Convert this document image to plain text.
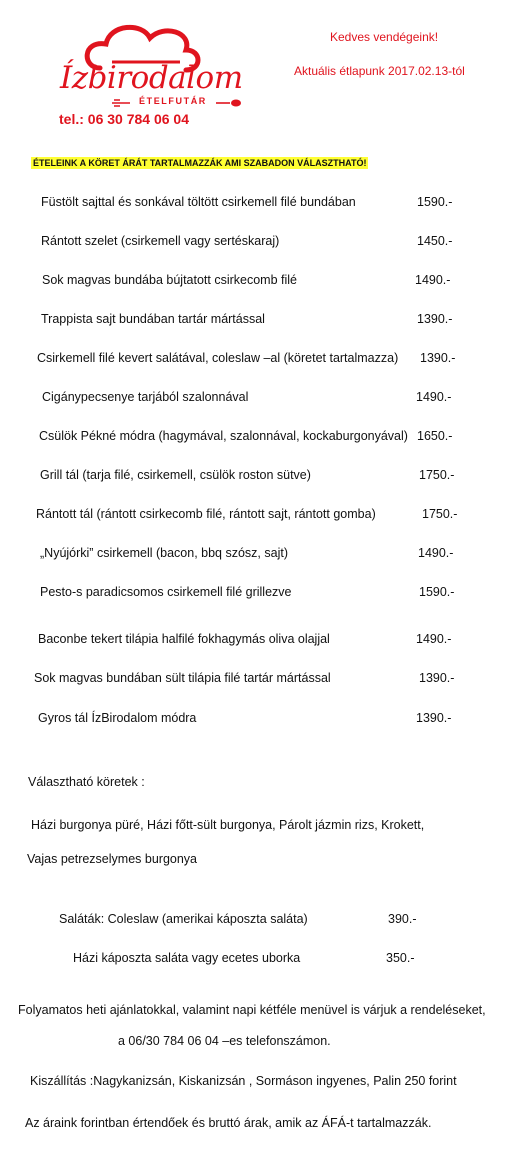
Ízbirodalom
ÉTELFUTÁR
tel.: 06 30 784 06 04
Kedves vendégeink!
Aktuális étlapunk 2017.02.13-tól
ÉTELEINK A KÖRET ÁRÁT TARTALMAZZÁK AMI SZABADON VÁLASZTHATÓ!
Füstölt sajttal és sonkával töltött csirkemell filé bundában	1590.-
Rántott szelet (csirkemell vagy sertéskaraj)	1450.-
Sok magvas bundába bújtatott csirkecomb filé	1490.-
Trappista sajt bundában tartár mártással	1390.-
Csirkemell filé kevert salátával, coleslaw –al (köretet tartalmazza) 1390.-
Cigánypecsenye tarjából szalonnával	1490.-
Csülök Pékné módra (hagymával, szalonnával, kockaburgonyával) 1650.-
Grill tál (tarja filé, csirkemell, csülök roston sütve)	1750.-
Rántott tál (rántott csirkecomb filé, rántott sajt, rántott gomba)	1750.-
„Nyújórki” csirkemell (bacon, bbq szósz, sajt)	1490.-
Pesto-s paradicsomos csirkemell filé grillezve	1590.-
Baconbe tekert tilápia halfilé fokhagymás oliva olajjal	1490.-
Sok magvas bundában sült tilápia filé tartár mártással	1390.-
Gyros tál ÍzBirodalom módra	1390.-
Választható köretek :
Házi burgonya püré, Házi főtt-sült burgonya, Párolt jázmin rizs, Krokett,
Vajas petrezselymes burgonya
Saláták: Coleslaw (amerikai káposzta saláta)	390.-
Házi káposzta saláta vagy ecetes uborka	350.-
Folyamatos heti ajánlatokkal, valamint napi kétféle menüvel is várjuk a rendeléseket,
a 06/30 784 06 04 –es telefonszámon.
Kiszállítás :Nagykanizsán, Kiskanizsán , Sormáson ingyenes, Palin 250 forint
Az áraink forintban értendőek és bruttó árak, amik az ÁFÁ-t tartalmazzák.
